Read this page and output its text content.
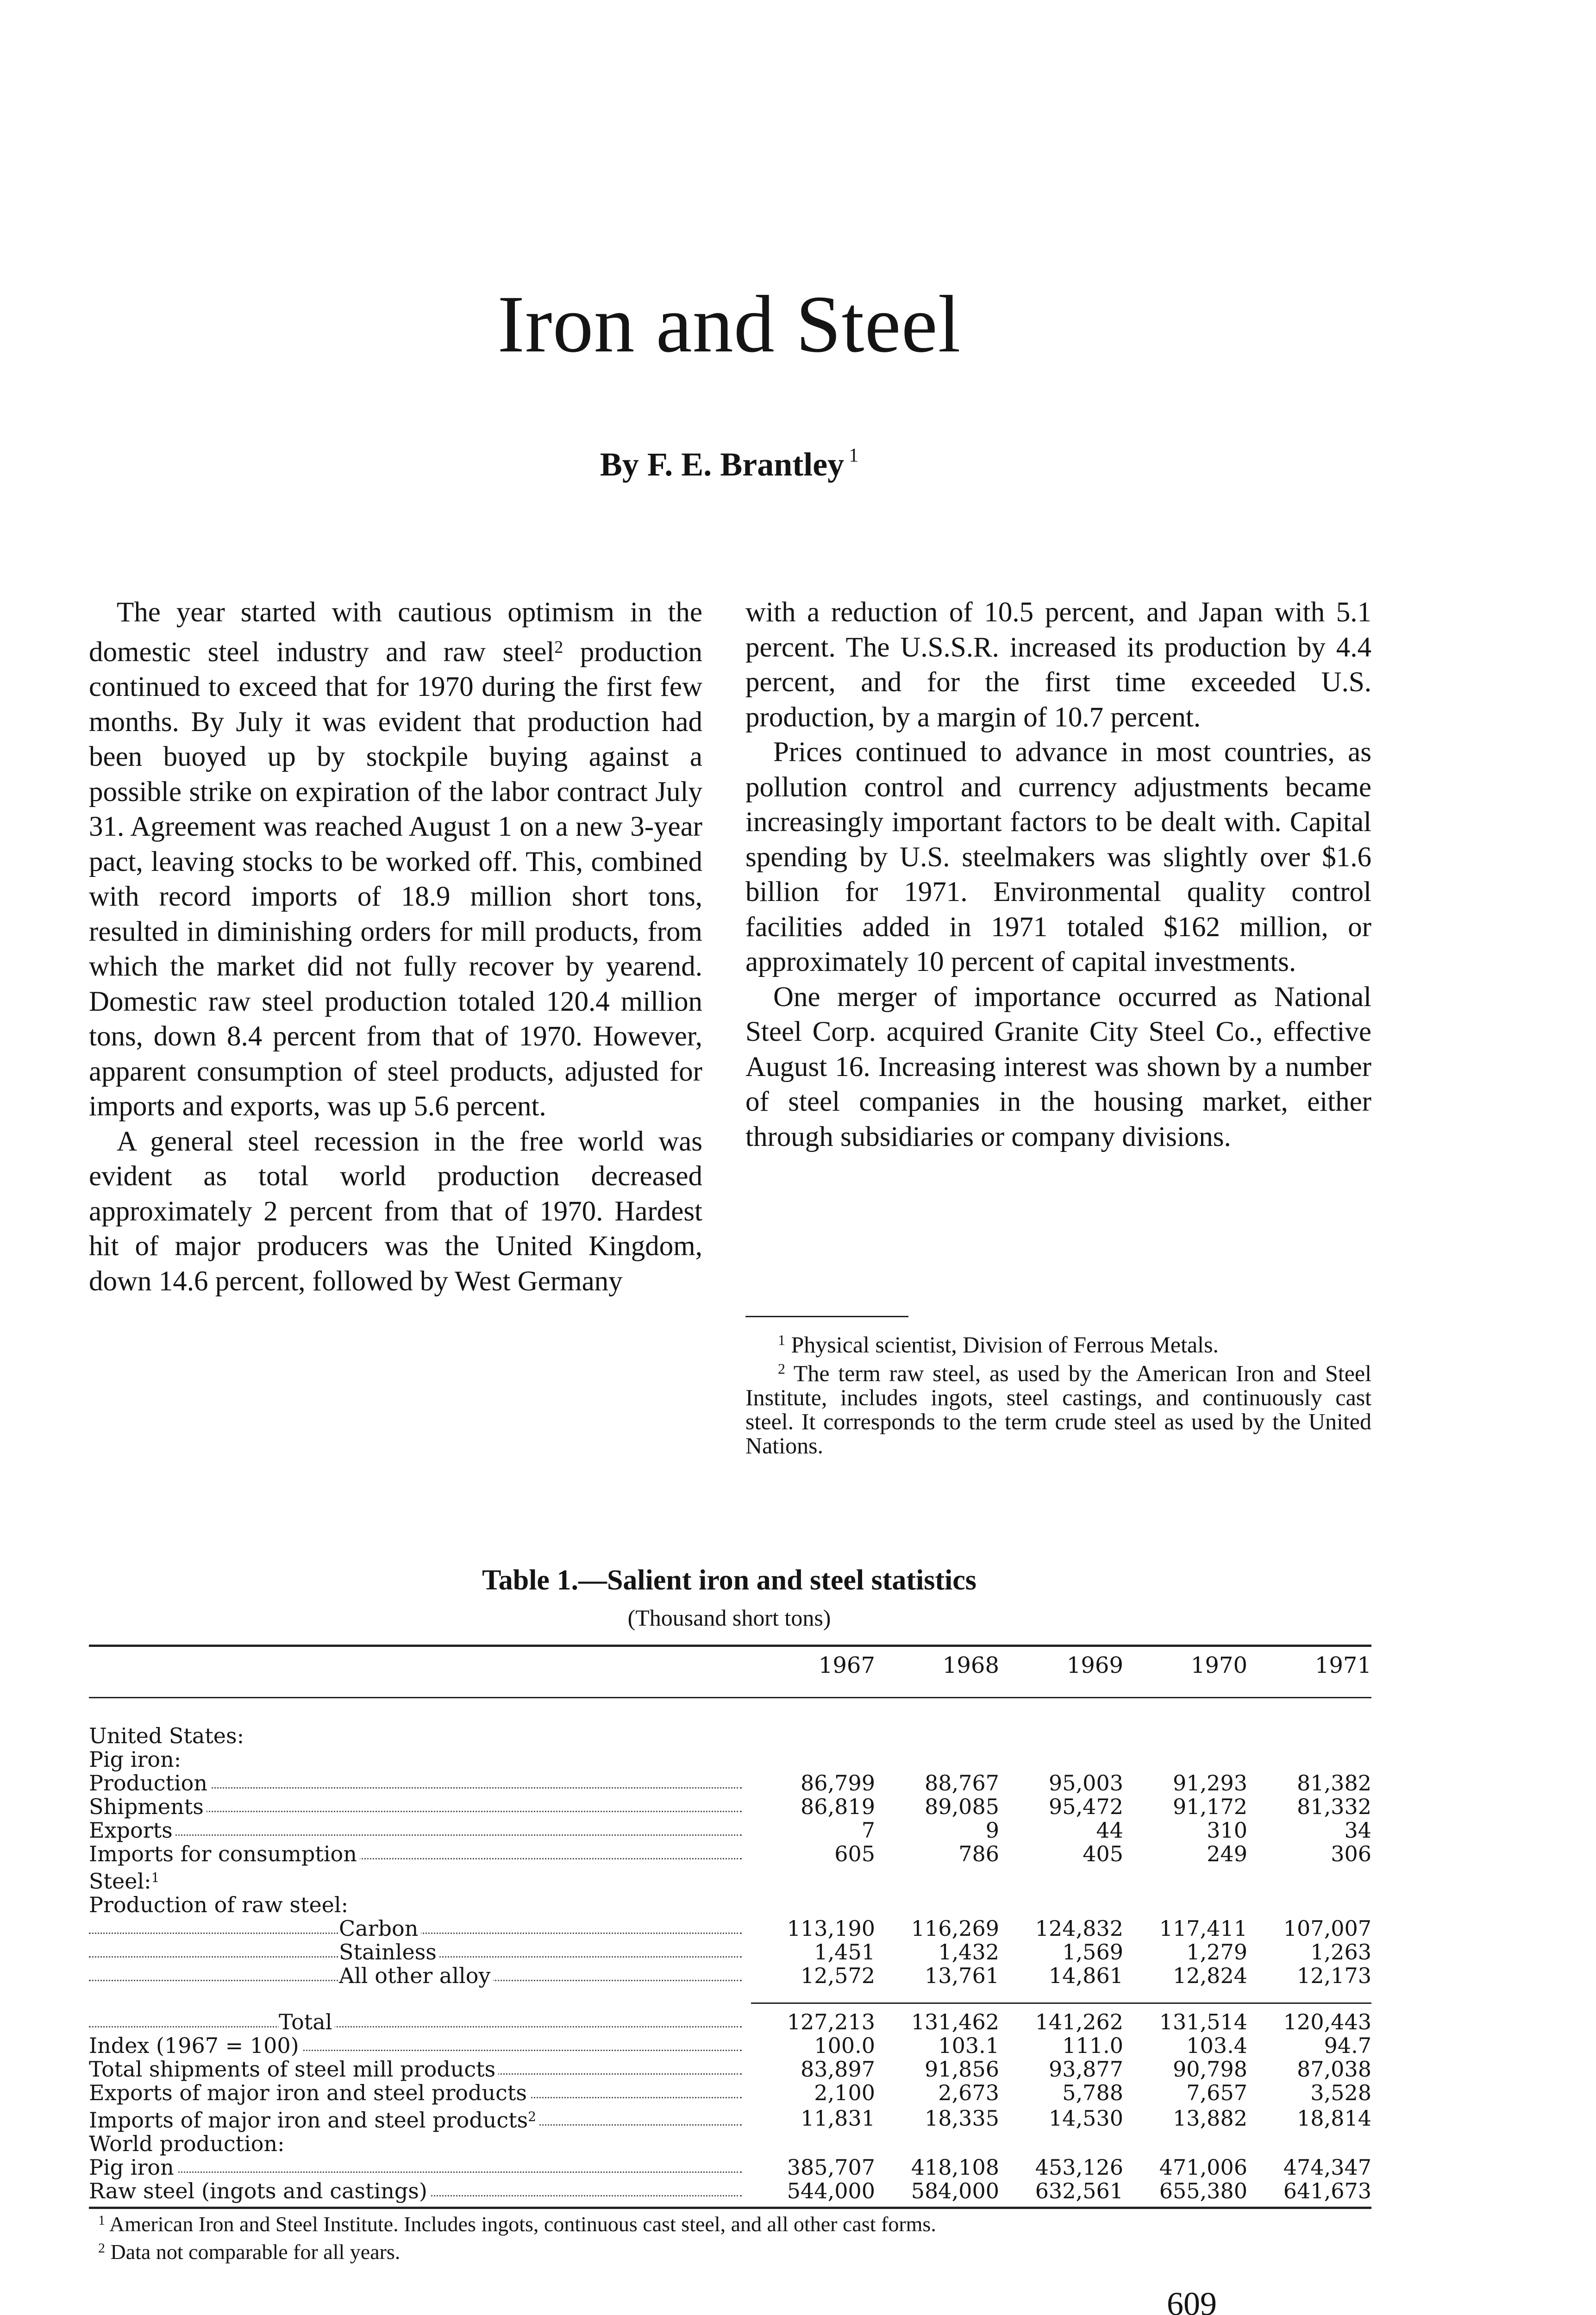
Iron and Steel

By F. E. Brantley $^1$

The year started with cautious optimism in the domestic steel industry and raw steel$^2$ production continued to exceed that for 1970 during the first few months. By July it was evident that production had been buoyed up by stockpile buying against a possible strike on expiration of the labor contract July 31. Agreement was reached August 1 on a new 3-year pact, leaving stocks to be worked off. This, combined with record imports of 18.9 million short tons, resulted in diminishing orders for mill products, from which the market did not fully recover by yearend. Domestic raw steel production totaled 120.4 million tons, down 8.4 percent from that of 1970. However, apparent consumption of steel products, adjusted for imports and exports, was up 5.6 percent.

A general steel recession in the free world was evident as total world production decreased approximately 2 percent from that of 1970. Hardest hit of major producers was the United Kingdom, down 14.6 percent, followed by West Germany

with a reduction of 10.5 percent, and Japan with 5.1 percent. The U.S.S.R. increased its production by 4.4 percent, and for the first time exceeded U.S. production, by a margin of 10.7 percent.

Prices continued to advance in most countries, as pollution control and currency adjustments became increasingly important factors to be dealt with. Capital spending by U.S. steelmakers was slightly over $1.6 billion for 1971. Environmental quality control facilities added in 1971 totaled $162 million, or approximately 10 percent of capital investments.

One merger of importance occurred as National Steel Corp. acquired Granite City Steel Co., effective August 16. Increasing interest was shown by a number of steel companies in the housing market, either through subsidiaries or company divisions.

$^1$ Physical scientist, Division of Ferrous Metals.

$^2$ The term raw steel, as used by the American Iron and Steel Institute, includes ingots, steel castings, and continuously cast steel. It corresponds to the term crude steel as used by the United Nations.

Table 1.—Salient iron and steel statistics

(Thousand short tons)

	1967	1968	1969	1970	1971

United States:					
Pig iron:					

Production	86,799	88,767	95,003	91,293	81,382

Shipments	86,819	89,085	95,472	91,172	81,332

Exports	7	9	44	310	34

Imports for consumption	605	786	405	249	306
Steel:$^1$
Production of raw steel:					

Carbon	113,190	116,269	124,832	117,411	107,007

Stainless	1,451	1,432	1,569	1,279	1,263

All other alloy	12,572	13,761	14,861	12,824	12,173

Total	127,213	131,462	141,262	131,514	120,443

Index (1967 = 100)	100.0	103.1	111.0	103.4	94.7

Total shipments of steel mill products	83,897	91,856	93,877	90,798	87,038

Exports of major iron and steel products	2,100	2,673	5,788	7,657	3,528

Imports of major iron and steel products$^2$	11,831	18,335	14,530	13,882	18,814
World production:					

Pig iron	385,707	418,108	453,126	471,006	474,347

Raw steel (ingots and castings)	544,000	584,000	632,561	655,380	641,673

$^1$ American Iron and Steel Institute. Includes ingots, continuous cast steel, and all other cast forms.

$^2$ Data not comparable for all years.

609
